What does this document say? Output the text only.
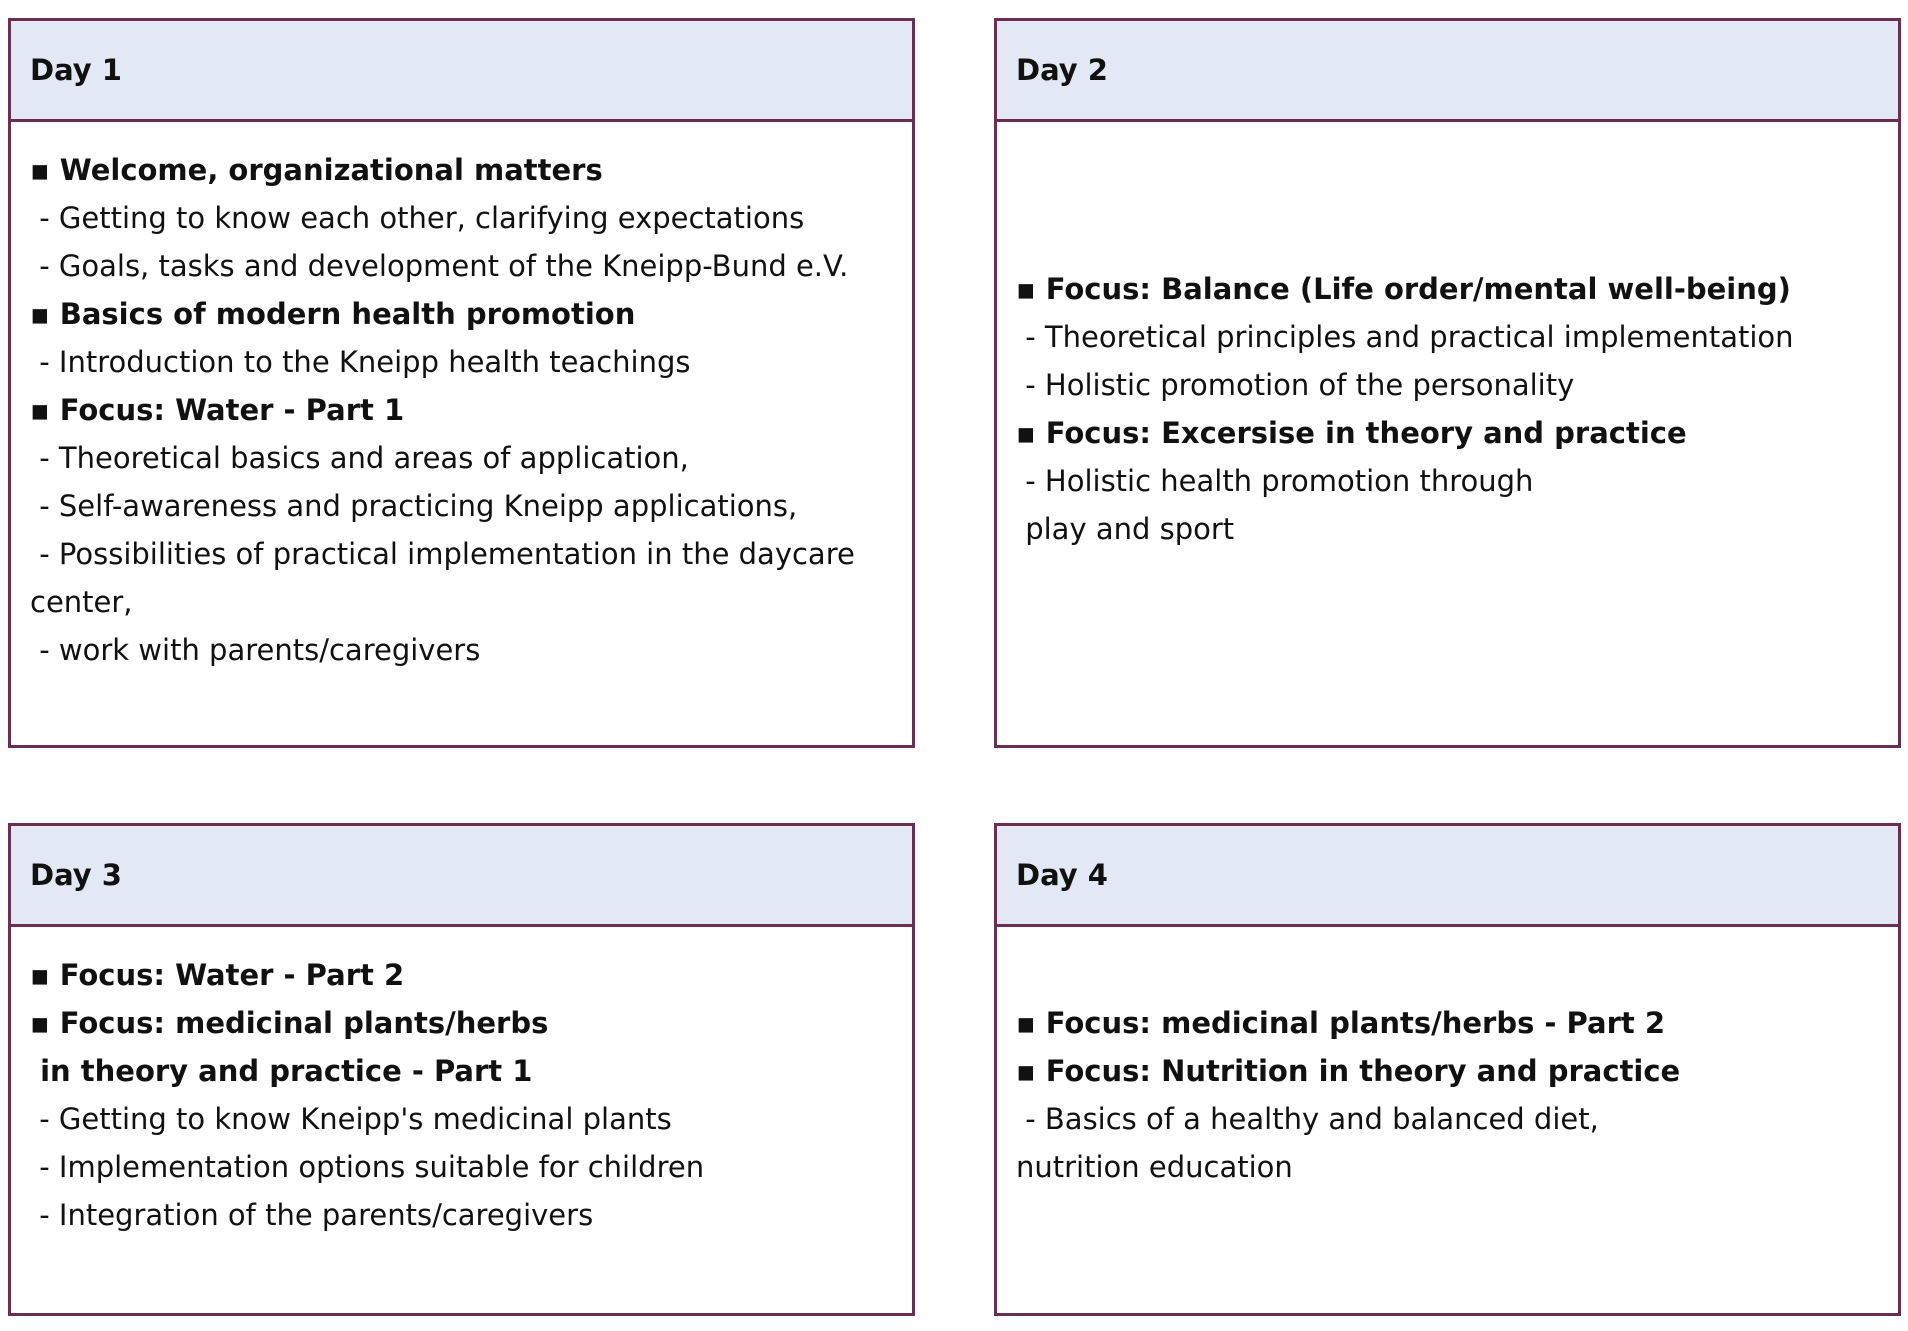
Day 1
▪ Welcome, organizational matters
- Getting to know each other, clarifying expectations
- Goals, tasks and development of the Kneipp-Bund e.V.
▪ Basics of modern health promotion
- Introduction to the Kneipp health teachings
▪ Focus: Water - Part 1
- Theoretical basics and areas of application,
- Self-awareness and practicing Kneipp applications,
- Possibilities of practical implementation in the daycare
center,
- work with parents/caregivers
Day 2
▪ Focus: Balance (Life order/mental well-being)
- Theoretical principles and practical implementation
- Holistic promotion of the personality
▪ Focus: Excersise in theory and practice
- Holistic health promotion through
play and sport
Day 3
▪ Focus: Water - Part 2
▪ Focus: medicinal plants/herbs
in theory and practice - Part 1
- Getting to know Kneipp's medicinal plants
- Implementation options suitable for children
- Integration of the parents/caregivers
Day 4
▪ Focus: medicinal plants/herbs - Part 2
▪ Focus: Nutrition in theory and practice
- Basics of a healthy and balanced diet,
nutrition education
